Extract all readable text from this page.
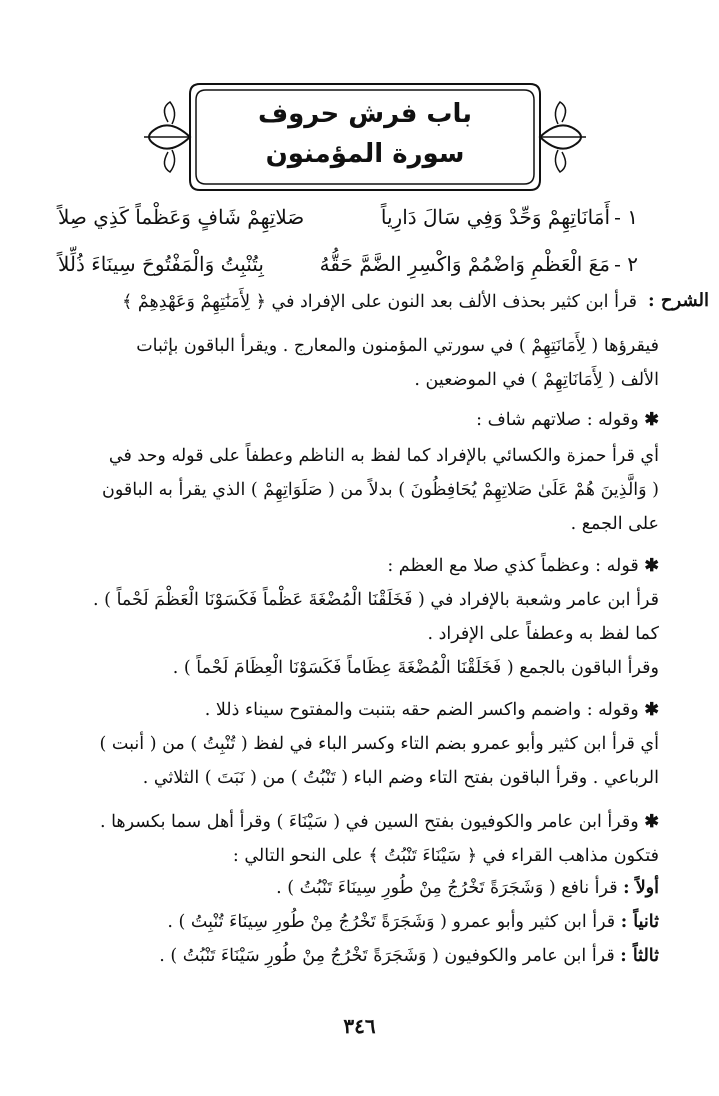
باب فرش حروف
سورة المؤمنون
١ -
أَمَانَاتِهِمْ وَحِّدْ وَفِي سَالَ دَارِياً
صَلاتِهِمْ شَافٍ وَعَظْماً كَذِي صِلاً
٢ -
مَعَ الْعَظْمِ وَاضْمُمْ وَاكْسِرِ الضَّمَّ حَقُّهُ
بِتُنْبِتُ وَالْمَفْتُوحَ سِينَاءَ ذُلِّلاً
الشرح :
قرأ ابن كثير بحذف الألف بعد النون على الإفراد في ﴿ لِأَمَنَٰتِهِمْ وَعَهْدِهِمْ ﴾
فيقرؤها ( لِأَمَانَتِهِمْ ) في سورتي المؤمنون والمعارج . ويقرأ الباقون بإثبات
الألف ( لِأَمَانَاتِهِمْ ) في الموضعين .
✱ وقوله : صلاتهم شاف :
أي قرأ حمزة والكسائي بالإفراد كما لفظ به الناظم وعطفاً على قوله وحد في
( وَالَّذِينَ هُمْ عَلَىٰ صَلاتِهِمْ يُحَافِظُونَ ) بدلاً من ( صَلَوَاتِهِمْ ) الذي يقرأ به الباقون
على الجمع .
✱ قوله : وعظماً كذي صلا مع العظم :
قرأ ابن عامر وشعبة بالإفراد في ( فَخَلَقْنَا الْمُضْغَةَ عَظْماً فَكَسَوْنَا الْعَظْمَ لَحْماً ) .
كما لفظ به وعطفاً على الإفراد .
وقرأ الباقون بالجمع ( فَخَلَقْنَا الْمُضْغَةَ عِظَاماً فَكَسَوْنَا الْعِظَامَ لَحْماً ) .
✱ وقوله : واضمم واكسر الضم حقه بتنبت والمفتوح سيناء ذللا .
أي قرأ ابن كثير وأبو عمرو بضم التاء وكسر الباء في لفظ ( تُنْبِتُ ) من ( أنبت )
الرباعي . وقرأ الباقون بفتح التاء وضم الباء ( تَنْبُتُ ) من ( نَبَتَ ) الثلاثي .
✱ وقرأ ابن عامر والكوفيون بفتح السين في ( سَيْنَاءَ ) وقرأ أهل سما بكسرها .
فتكون مذاهب القراء في ﴿ سَيْنَاءَ تَنْبُتُ ﴾ على النحو التالي :
أولاً : قرأ نافع ( وَشَجَرَةً تَخْرُجُ مِنْ طُورِ سِينَاءَ تَنْبُتُ ) .
ثانياً : قرأ ابن كثير وأبو عمرو ( وَشَجَرَةً تَخْرُجُ مِنْ طُورِ سِينَاءَ تُنْبِتُ ) .
ثالثاً : قرأ ابن عامر والكوفيون ( وَشَجَرَةً تَخْرُجُ مِنْ طُورِ سَيْنَاءَ تَنْبُتُ ) .
٣٤٦
